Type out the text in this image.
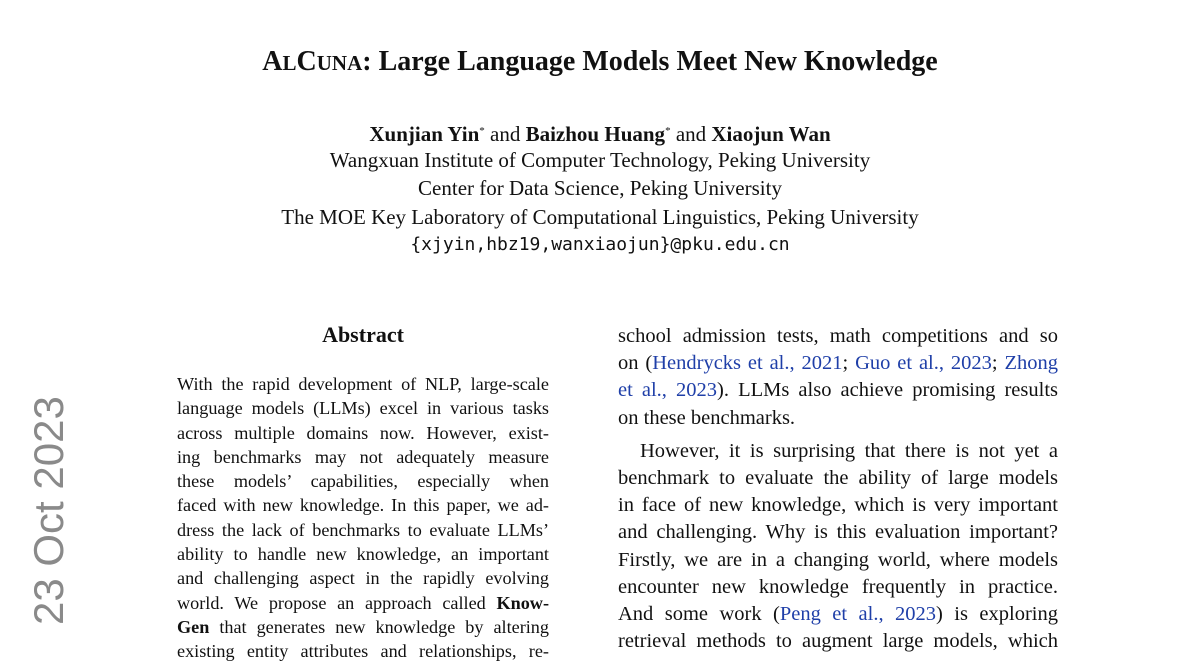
ALCUNA: Large Language Models Meet New Knowledge
Xunjian Yin* and Baizhou Huang* and Xiaojun Wan
Wangxuan Institute of Computer Technology, Peking University
Center for Data Science, Peking University
The MOE Key Laboratory of Computational Linguistics, Peking University
{xjyin,hbz19,wanxiaojun}@pku.edu.cn
23 Oct 2023
Abstract
With the rapid development of NLP, large-scale
language models (LLMs) excel in various tasks
across multiple domains now. However, exist-
ing benchmarks may not adequately measure
these models’ capabilities, especially when
faced with new knowledge. In this paper, we ad-
dress the lack of benchmarks to evaluate LLMs’
ability to handle new knowledge, an important
and challenging aspect in the rapidly evolving
world. We propose an approach called Know-
Gen that generates new knowledge by altering
existing entity attributes and relationships, re-
school admission tests, math competitions and so
on (Hendrycks et al., 2021; Guo et al., 2023; Zhong
et al., 2023). LLMs also achieve promising results
on these benchmarks.
However, it is surprising that there is not yet a
benchmark to evaluate the ability of large models
in face of new knowledge, which is very important
and challenging. Why is this evaluation important?
Firstly, we are in a changing world, where models
encounter new knowledge frequently in practice.
And some work (Peng et al., 2023) is exploring
retrieval methods to augment large models, which
